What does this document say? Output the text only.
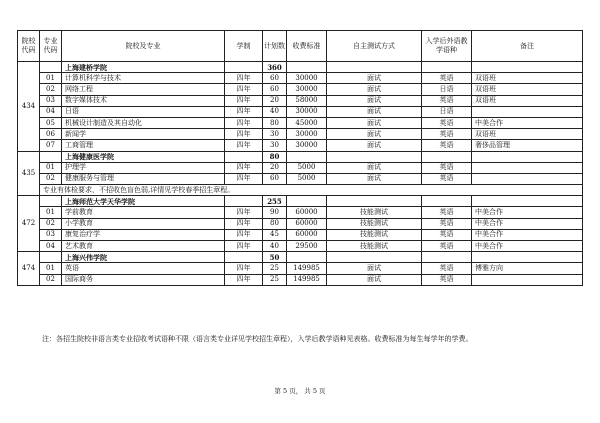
院校代码	专业代码	院校及专业	学制	计划数	收费标准	自主测试方式	入学后外语教学语种	备注
434		上海建桥学院		360				
	01	计算机科学与技术	四年	60	30000	面试	英语	双语班
	02	网络工程	四年	60	30000	面试	日语	双语班
	03	数字媒体技术	四年	20	58000	面试	英语	双语班
	04	日语	四年	40	30000	面试	日语	
	05	机械设计制造及其自动化	四年	80	45000	面试	英语	中美合作
	06	新闻学	四年	30	30000	面试	英语	双语班
	07	工商管理	四年	30	30000	面试	英语	奢侈品管理
435		上海健康医学院		80				
	01	护理学	四年	20	5000	面试	英语	
	02	健康服务与管理	四年	60	5000	面试	英语	
	专业有体检要求，不招收色盲色弱,详情见学校春季招生章程。							
472		上海师范大学天华学院		255				
	01	学前教育	四年	90	60000	技能测试	英语	中美合作
	02	小学教育	四年	80	60000	技能测试	英语	中美合作
	03	康复治疗学	四年	45	60000	技能测试	英语	中美合作
	04	艺术教育	四年	40	29500	技能测试	英语	中美合作
474		上海兴伟学院		50				
	01	英语	四年	25	149985	面试	英语	博雅方向
	02	国际商务	四年	25	149985	面试	英语	
注：各招生院校非语言类专业招收考试语种不限（语言类专业详见学校招生章程），入学后教学语种见表格。收费标准为每生每学年的学费。
第 5 页， 共 5 页
